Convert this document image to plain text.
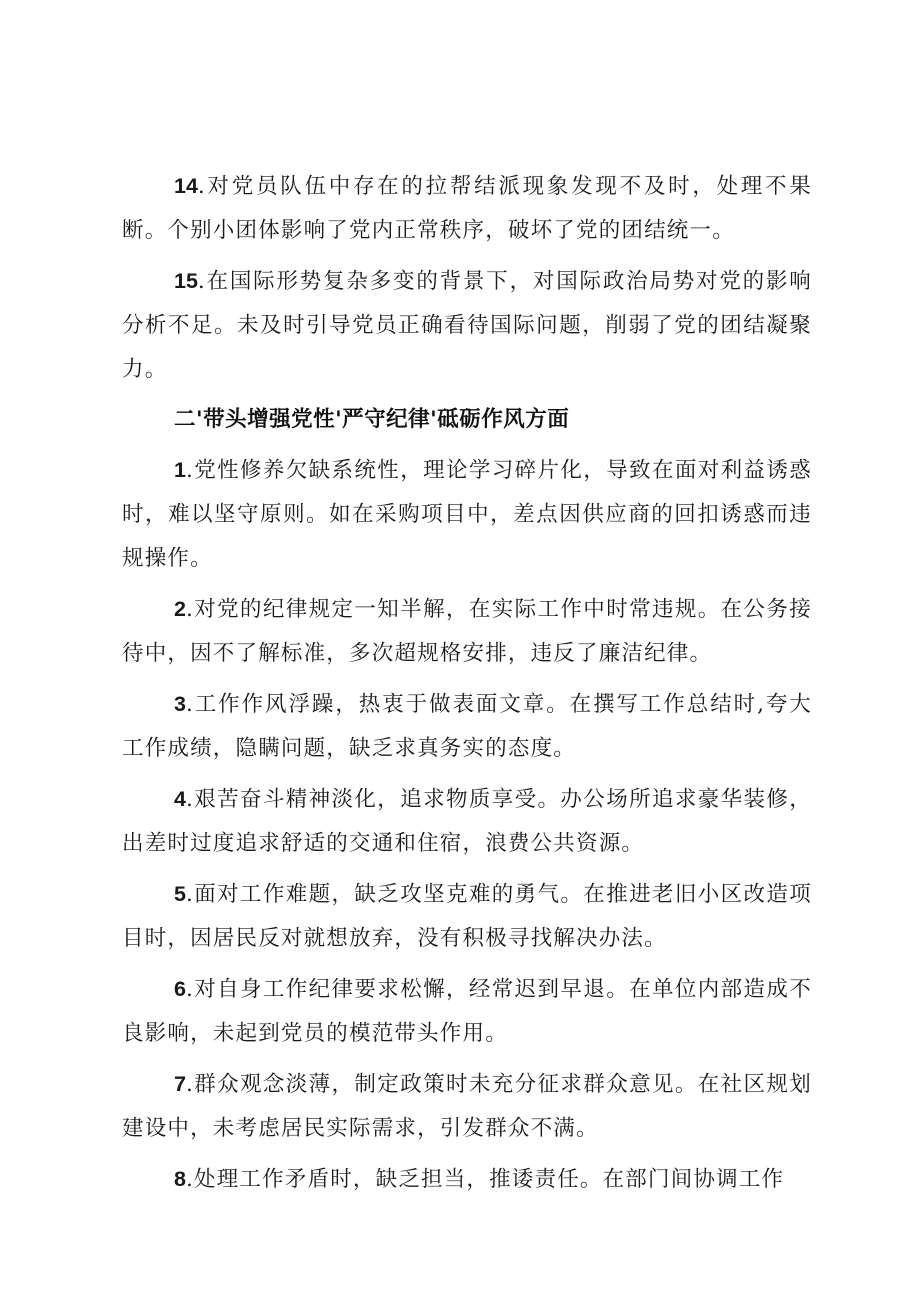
14.对党员队伍中存在的拉帮结派现象发现不及时，处理不果断。个别小团体影响了党内正常秩序，破坏了党的团结统一。

15.在国际形势复杂多变的背景下，对国际政治局势对党的影响分析不足。未及时引导党员正确看待国际问题，削弱了党的团结凝聚力。

二'带头增强党性'严守纪律'砥砺作风方面

1.党性修养欠缺系统性，理论学习碎片化，导致在面对利益诱惑时，难以坚守原则。如在采购项目中，差点因供应商的回扣诱惑而违规操作。

2.对党的纪律规定一知半解，在实际工作中时常违规。在公务接待中，因不了解标准，多次超规格安排，违反了廉洁纪律。

3.工作作风浮躁，热衷于做表面文章。在撰写工作总结时,夸大工作成绩，隐瞒问题，缺乏求真务实的态度。

4.艰苦奋斗精神淡化，追求物质享受。办公场所追求豪华装修，出差时过度追求舒适的交通和住宿，浪费公共资源。

5.面对工作难题，缺乏攻坚克难的勇气。在推进老旧小区改造项目时，因居民反对就想放弃，没有积极寻找解决办法。

6.对自身工作纪律要求松懈，经常迟到早退。在单位内部造成不良影响，未起到党员的模范带头作用。

7.群众观念淡薄，制定政策时未充分征求群众意见。在社区规划建设中，未考虑居民实际需求，引发群众不满。

8.处理工作矛盾时，缺乏担当，推诿责任。在部门间协调工作
